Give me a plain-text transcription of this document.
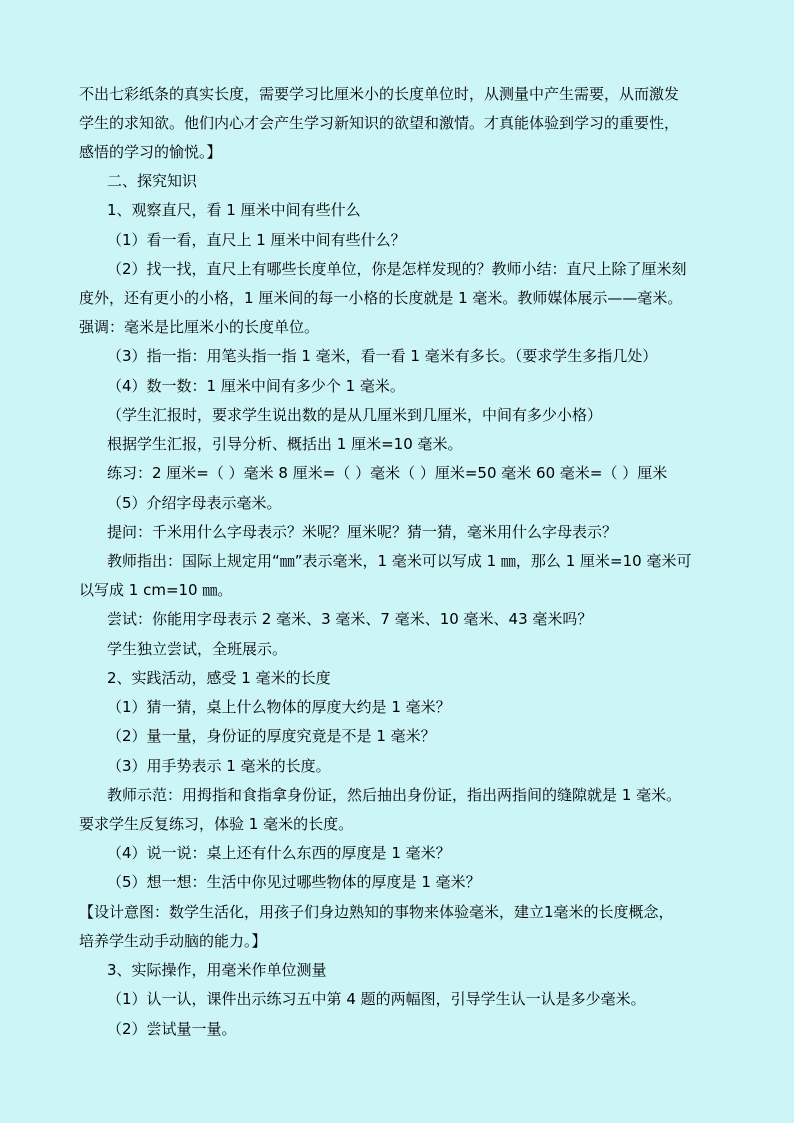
不出七彩纸条的真实长度，需要学习比厘米小的长度单位时，从测量中产生需要，从而激发
学生的求知欲。他们内心才会产生学习新知识的欲望和激情。才真能体验到学习的重要性，
感悟的学习的愉悦。】
二、探究知识
1、观察直尺，看 1 厘米中间有些什么
（1）看一看，直尺上 1 厘米中间有些什么？
（2）找一找，直尺上有哪些长度单位，你是怎样发现的？教师小结：直尺上除了厘米刻
度外，还有更小的小格，1 厘米间的每一小格的长度就是 1 毫米。教师媒体展示——毫米。
强调：毫米是比厘米小的长度单位。
（3）指一指：用笔头指一指 1 毫米，看一看 1 毫米有多长。（要求学生多指几处）
（4）数一数：1 厘米中间有多少个 1 毫米。
（学生汇报时，要求学生说出数的是从几厘米到几厘米，中间有多少小格）
根据学生汇报，引导分析、概括出 1 厘米=10 毫米。
练习：2 厘米=（ ）毫米 8 厘米=（ ）毫米（ ）厘米=50 毫米 60 毫米=（ ）厘米
（5）介绍字母表示毫米。
提问：千米用什么字母表示？米呢？厘米呢？猜一猜，毫米用什么字母表示？
教师指出：国际上规定用“㎜”表示毫米，1 毫米可以写成 1 ㎜，那么 1 厘米=10 毫米可
以写成 1 cm=10 ㎜。
尝试：你能用字母表示 2 毫米、3 毫米、7 毫米、10 毫米、43 毫米吗？
学生独立尝试，全班展示。
2、实践活动，感受 1 毫米的长度
（1）猜一猜，桌上什么物体的厚度大约是 1 毫米？
（2）量一量，身份证的厚度究竟是不是 1 毫米？
（3）用手势表示 1 毫米的长度。
教师示范：用拇指和食指拿身份证，然后抽出身份证，指出两指间的缝隙就是 1 毫米。
要求学生反复练习，体验 1 毫米的长度。
（4）说一说：桌上还有什么东西的厚度是 1 毫米？
（5）想一想：生活中你见过哪些物体的厚度是 1 毫米？
【设计意图：数学生活化，用孩子们身边熟知的事物来体验毫米，建立1毫米的长度概念，
培养学生动手动脑的能力。】
3、实际操作，用毫米作单位测量
（1）认一认，课件出示练习五中第 4 题的两幅图，引导学生认一认是多少毫米。
（2）尝试量一量。
